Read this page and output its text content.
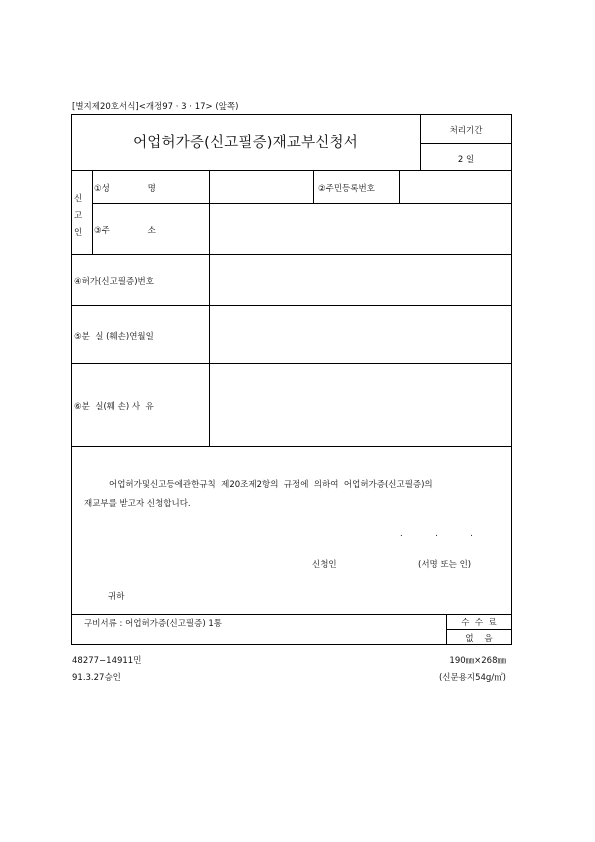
[별지제20호서식]<개정97 · 3 · 17> (앞쪽)
어업허가증(신고필증)재교부신청서
처리기간
2 일
신
고
인
①성              명	②주민등록번호
③주              소
④허가(신고필증)번호
⑤분  실 (훼손)연월일
⑥분  실(훼 손) 사  유
어업허가및신고등에관한규칙  제20조제2항의  규정에  의하여  어업허가증(신고필증)의
재교부를 받고자 신청합니다.
.            .            .
신청인	(서명 또는 인)
귀하
구비서류 : 어업허가증(신고필증) 1통	수  수  료
없    음
48277−14911민
91.3.27승인
190㎜×268㎜
(신문용지54g/㎡)
